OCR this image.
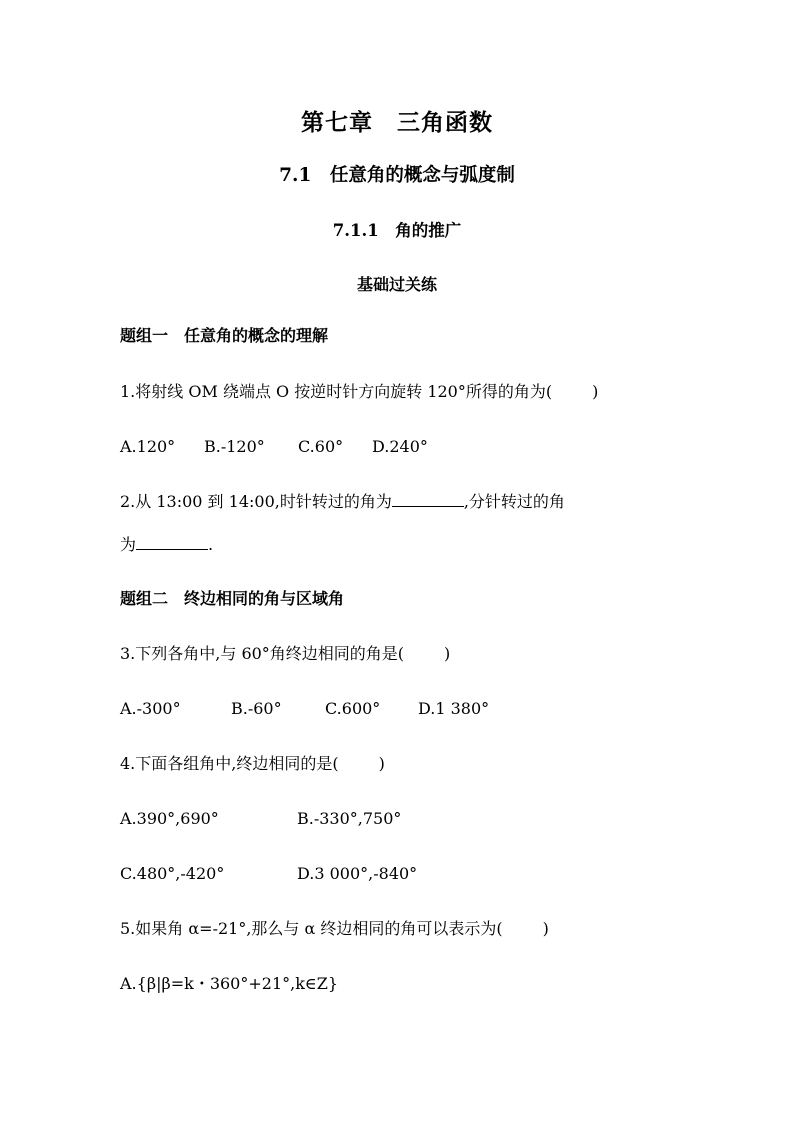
第七章　三角函数
7.1　任意角的概念与弧度制
7.1.1　角的推广
基础过关练
题组一　任意角的概念的理解
1.将射线 OM 绕端点 O 按逆时针方向旋转 120°所得的角为(	)
A.120° B.-120° C.60° D.240°
2.从 13:00 到 14:00,时针转过的角为	,分针转过的角
为	.
题组二　终边相同的角与区域角
3.下列各角中,与 60°角终边相同的角是(	)
A.-300°	B.-60°	C.600° D.1 380°
4.下面各组角中,终边相同的是(	)
A.390°,690°	B.-330°,750°
C.480°,-420°	D.3 000°,-840°
5.如果角 α=-21°,那么与 α 终边相同的角可以表示为(	)
A.{β|β=k・360°+21°,k∈Z}
